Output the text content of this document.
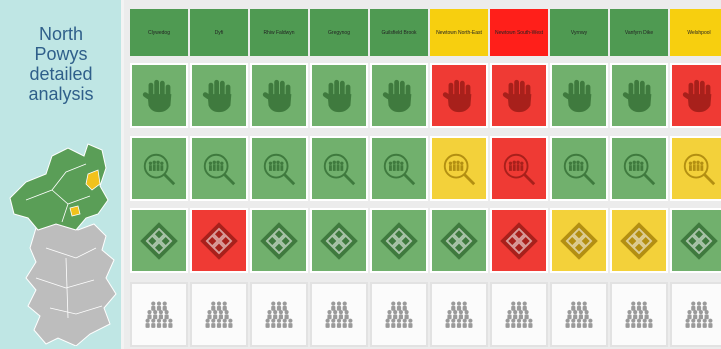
North
Powys
detailed
analysis
Clywedog	Dyfi	Rhiw Faldwyn	Gregynog	Guilsfield Brook	Newtown North-East	Newtown South-West	Vyrnwy	Vanfyrn Dike	Welshpool
